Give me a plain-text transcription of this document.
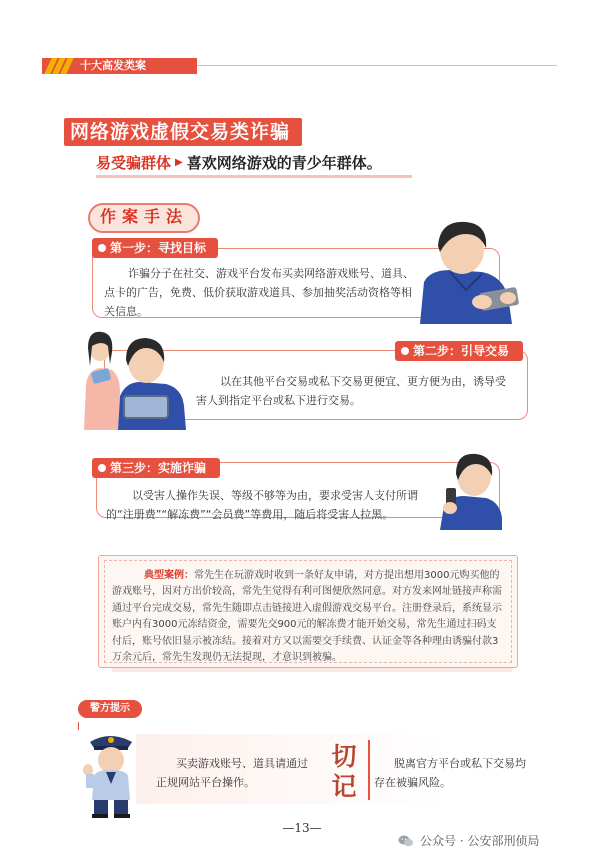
十大高发类案
网络游戏虚假交易类诈骗
易受骗群体 ▶ 喜欢网络游戏的青少年群体。
作案手法
第一步：寻找目标
诈骗分子在社交、游戏平台发布买卖网络游戏账号、道具、点卡的广告，免费、低价获取游戏道具、参加抽奖活动资格等相关信息。
第二步：引导交易
以在其他平台交易或私下交易更便宜、更方便为由，诱导受害人到指定平台或私下进行交易。
第三步：实施诈骗
以受害人操作失误、等级不够等为由，要求受害人支付所谓的“注册费”“解冻费”“会员费”等费用，随后将受害人拉黑。
典型案例：常先生在玩游戏时收到一条好友申请，对方提出想用3000元购买他的游戏账号，因对方出价较高，常先生觉得有利可图便欣然同意。对方发来网址链接声称需通过平台完成交易，常先生随即点击链接进入虚假游戏交易平台。注册登录后，系统显示账户内有3000元冻结资金，需要先交900元的解冻费才能开始交易，常先生通过扫码支付后，账号依旧显示被冻结。接着对方又以需要交手续费、认证金等各种理由诱骗付款3万余元后，常先生发现仍无法提现，才意识到被骗。
警方提示
买卖游戏账号、道具请通过正规网站平台操作。
切
记
脱离官方平台或私下交易均存在被骗风险。
—13—
公众号 · 公安部刑侦局
